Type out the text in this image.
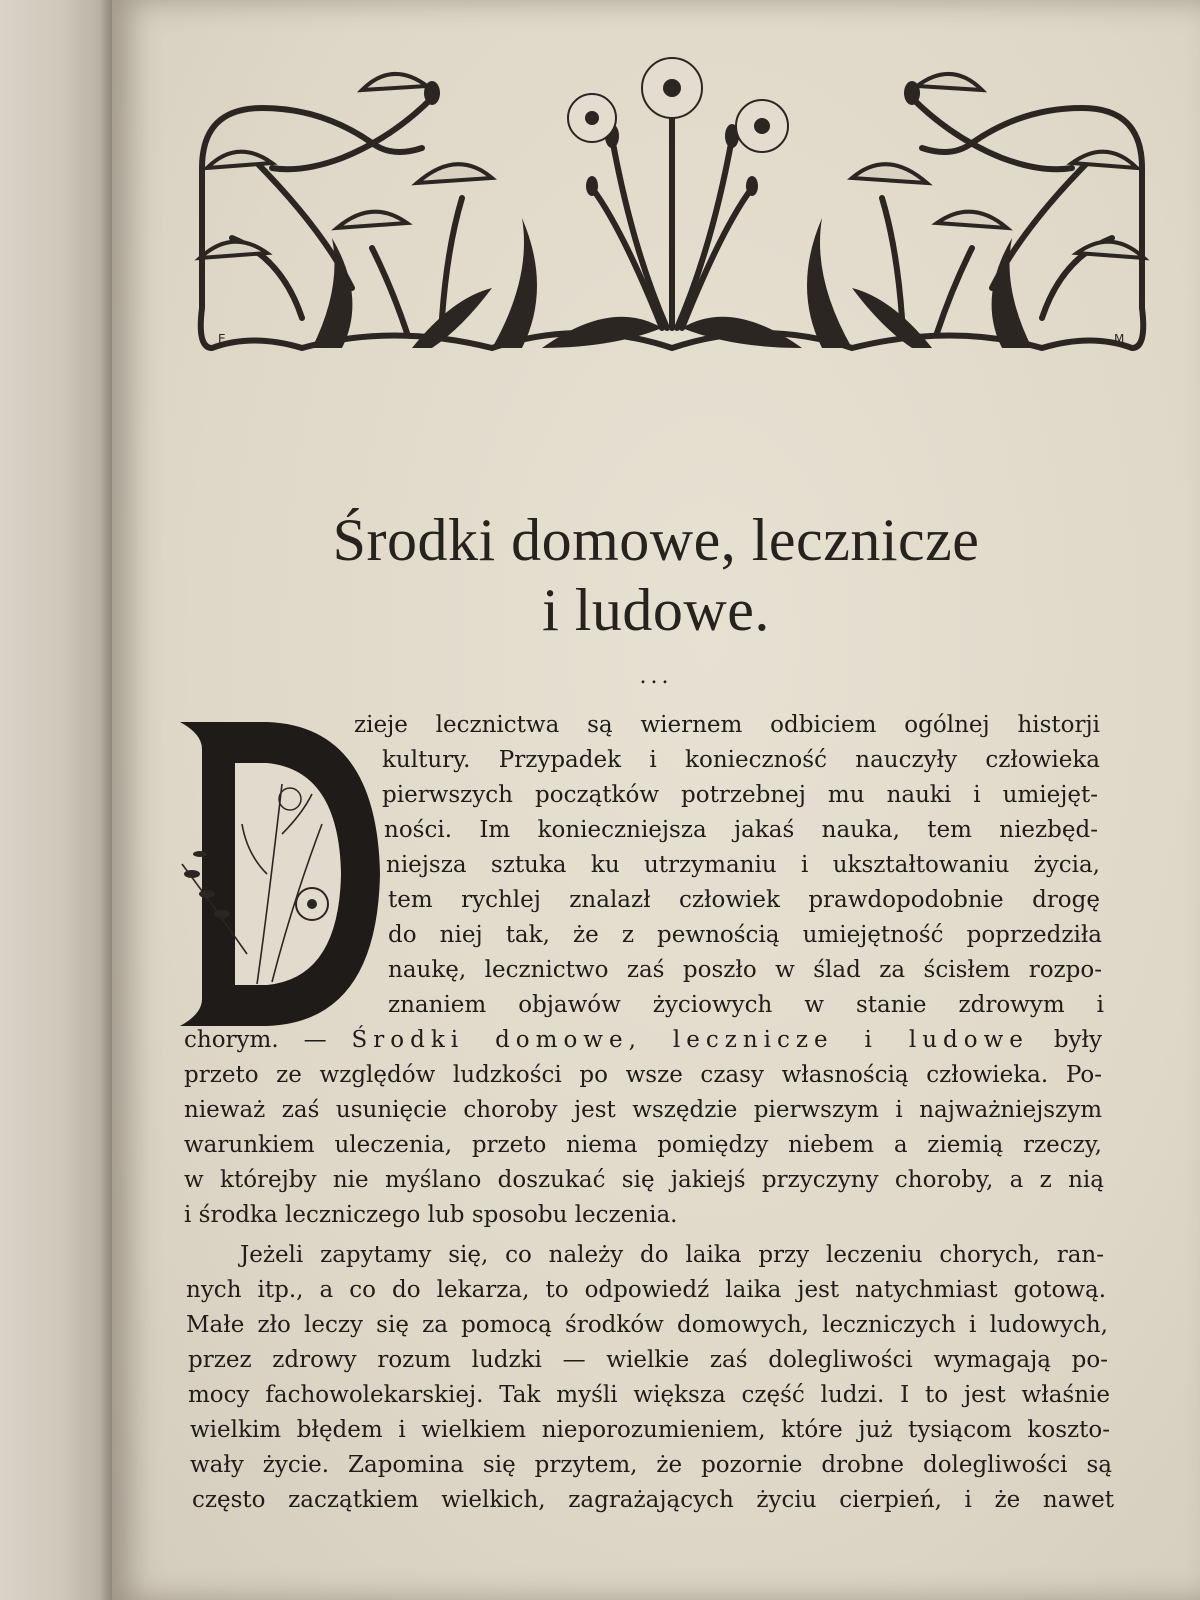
E	M
Środki domowe, lecznicze
i ludowe.
...
D	zieje lecznictwa są wiernem odbiciem ogólnej historji
kultury. Przypadek i konieczność nauczyły człowieka
pierwszych początków potrzebnej mu nauki i umiejęt-
ności. Im konieczniejsza jakaś nauka, tem niezbęd-
niejsza sztuka ku utrzymaniu i ukształtowaniu życia,
tem rychlej znalazł człowiek prawdopodobnie drogę
do niej tak, że z pewnością umiejętność poprzedziła
naukę, lecznictwo zaś poszło w ślad za ścisłem rozpo-
znaniem objawów życiowych w stanie zdrowym i
chorym. — Środki domowe, lecznicze i ludowe były
przeto ze względów ludzkości po wsze czasy własnością człowieka. Po-
nieważ zaś usunięcie choroby jest wszędzie pierwszym i najważniejszym
warunkiem uleczenia, przeto niema pomiędzy niebem a ziemią rzeczy,
w którejby nie myślano doszukać się jakiejś przyczyny choroby, a z nią
i środka leczniczego lub sposobu leczenia.
Jeżeli zapytamy się, co należy do laika przy leczeniu chorych, ran-
nych itp., a co do lekarza, to odpowiedź laika jest natychmiast gotową.
Małe zło leczy się za pomocą środków domowych, leczniczych i ludowych,
przez zdrowy rozum ludzki — wielkie zaś dolegliwości wymagają po-
mocy fachowolekarskiej. Tak myśli większa część ludzi. I to jest właśnie
wielkim błędem i wielkiem nieporozumieniem, które już tysiącom koszto-
wały życie. Zapomina się przytem, że pozornie drobne dolegliwości są
często zaczątkiem wielkich, zagrażających życiu cierpień, i że nawet
